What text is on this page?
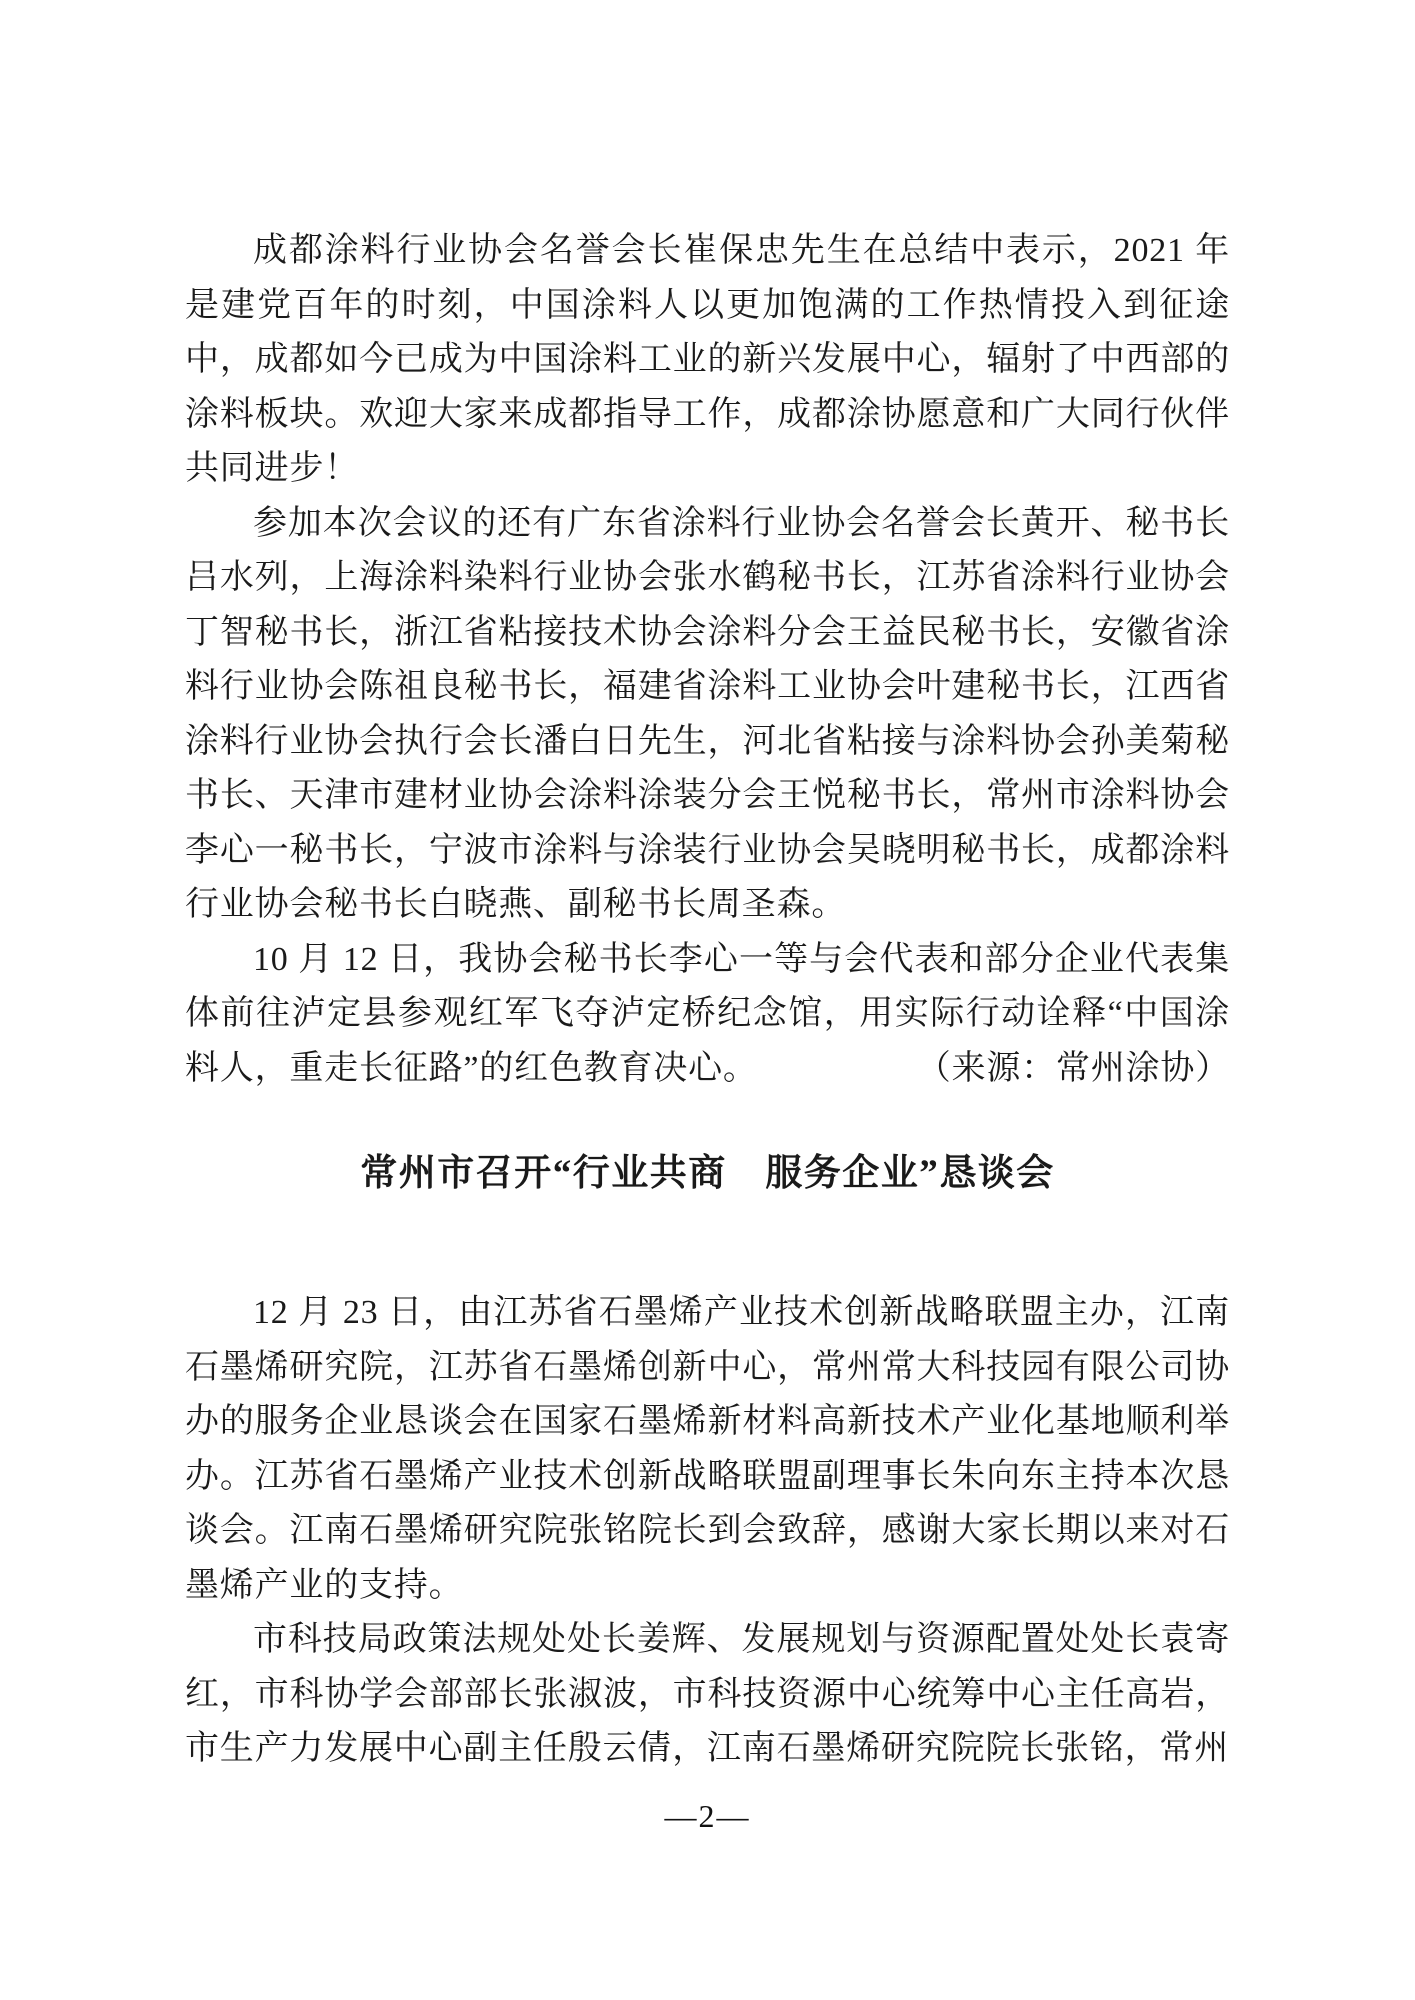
成都涂料行业协会名誉会长崔保忠先生在总结中表示，2021 年是建党百年的时刻，中国涂料人以更加饱满的工作热情投入到征途中，成都如今已成为中国涂料工业的新兴发展中心，辐射了中西部的涂料板块。欢迎大家来成都指导工作，成都涂协愿意和广大同行伙伴共同进步！

参加本次会议的还有广东省涂料行业协会名誉会长黄开、秘书长吕水列，上海涂料染料行业协会张水鹤秘书长，江苏省涂料行业协会丁智秘书长，浙江省粘接技术协会涂料分会王益民秘书长，安徽省涂料行业协会陈祖良秘书长，福建省涂料工业协会叶建秘书长，江西省涂料行业协会执行会长潘白日先生，河北省粘接与涂料协会孙美菊秘书长、天津市建材业协会涂料涂装分会王悦秘书长，常州市涂料协会李心一秘书长，宁波市涂料与涂装行业协会吴晓明秘书长，成都涂料行业协会秘书长白晓燕、副秘书长周圣森。

10 月 12 日，我协会秘书长李心一等与会代表和部分企业代表集体前往泸定县参观红军飞夺泸定桥纪念馆，用实际行动诠释“中国涂料人，重走长征路”的红色教育决心。	（来源：常州涂协）

常州市召开“行业共商　服务企业”恳谈会

12 月 23 日，由江苏省石墨烯产业技术创新战略联盟主办，江南石墨烯研究院，江苏省石墨烯创新中心，常州常大科技园有限公司协办的服务企业恳谈会在国家石墨烯新材料高新技术产业化基地顺利举办。江苏省石墨烯产业技术创新战略联盟副理事长朱向东主持本次恳谈会。江南石墨烯研究院张铭院长到会致辞，感谢大家长期以来对石墨烯产业的支持。

市科技局政策法规处处长姜辉、发展规划与资源配置处处长袁寄红，市科协学会部部长张淑波，市科技资源中心统筹中心主任高岩，市生产力发展中心副主任殷云倩，江南石墨烯研究院院长张铭，常州

—2—
